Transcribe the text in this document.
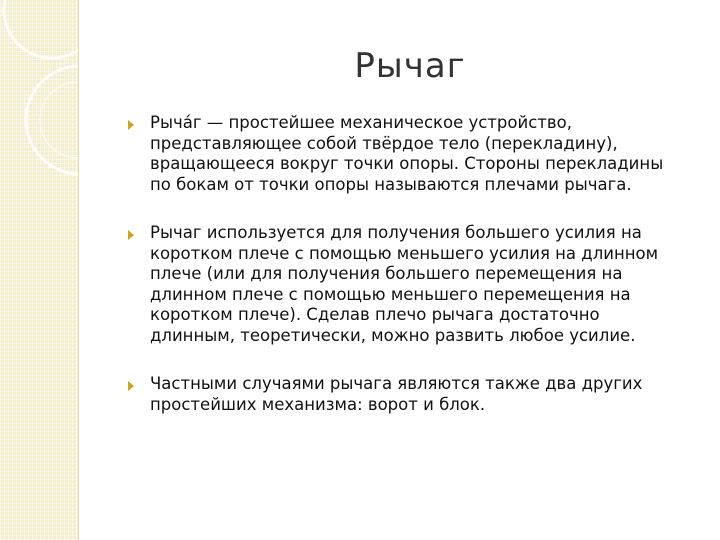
Рычаг
Рыча́г — простейшее механическое устройство, представляющее собой твёрдое тело (перекладину), вращающееся вокруг точки опоры. Стороны перекладины по бокам от точки опоры называются плечами рычага.
Рычаг используется для получения большего усилия на коротком плече с помощью меньшего усилия на длинном плече (или для получения большего перемещения на длинном плече с помощью меньшего перемещения на коротком плече). Сделав плечо рычага достаточно длинным, теоретически, можно развить любое усилие.
Частными случаями рычага являются также два других простейших механизма: ворот и блок.
